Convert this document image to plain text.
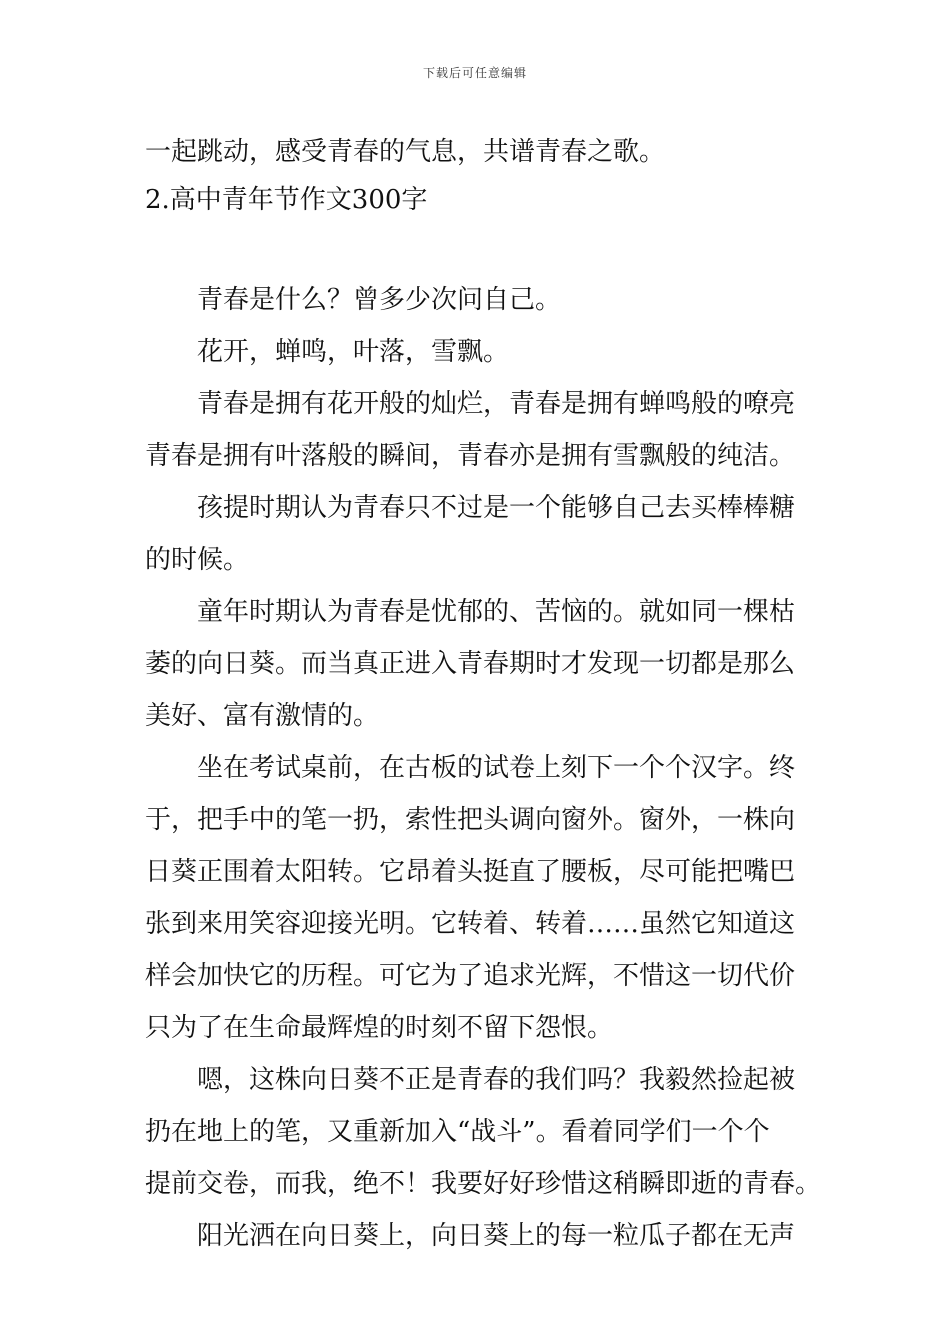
下载后可任意编辑
一起跳动，感受青春的气息，共谱青春之歌。
2.高中青年节作文300字
青春是什么？曾多少次问自己。
花开，蝉鸣，叶落，雪飘。
青春是拥有花开般的灿烂，青春是拥有蝉鸣般的嘹亮
青春是拥有叶落般的瞬间，青春亦是拥有雪飘般的纯洁。
孩提时期认为青春只不过是一个能够自己去买棒棒糖
的时候。
童年时期认为青春是忧郁的、苦恼的。就如同一棵枯
萎的向日葵。而当真正进入青春期时才发现一切都是那么
美好、富有激情的。
坐在考试桌前，在古板的试卷上刻下一个个汉字。终
于，把手中的笔一扔，索性把头调向窗外。窗外，一株向
日葵正围着太阳转。它昂着头挺直了腰板，尽可能把嘴巴
张到来用笑容迎接光明。它转着、转着……虽然它知道这
样会加快它的历程。可它为了追求光辉，不惜这一切代价
只为了在生命最辉煌的时刻不留下怨恨。
嗯，这株向日葵不正是青春的我们吗？我毅然捡起被
扔在地上的笔，又重新加入“战斗”。看着同学们一个个
提前交卷，而我，绝不！我要好好珍惜这稍瞬即逝的青春。
阳光洒在向日葵上，向日葵上的每一粒瓜子都在无声
